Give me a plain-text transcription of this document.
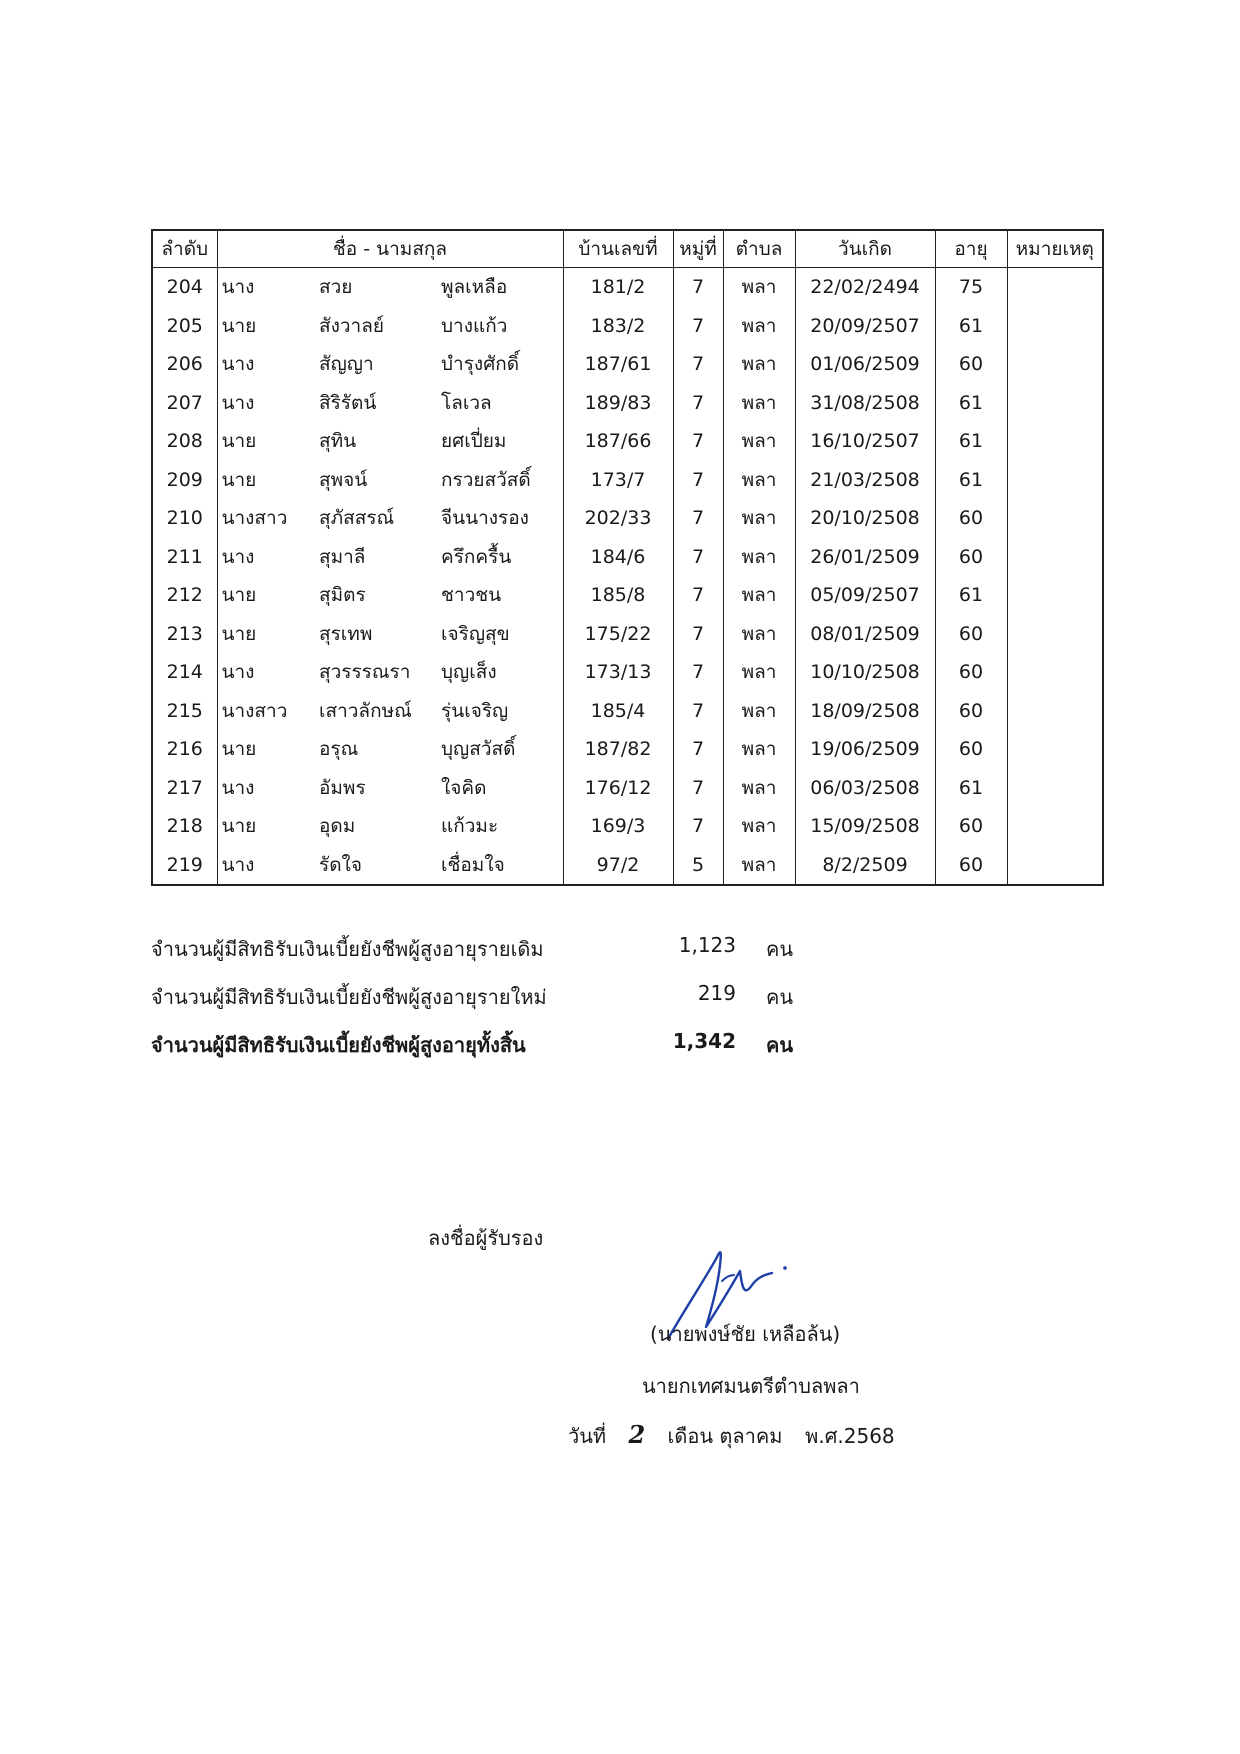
ลำดับ	ชื่อ - นามสกุล			บ้านเลขที่	หมู่ที่	ตำบล	วันเกิด	อายุ	หมายเหตุ
204	นาง	สวย	พูลเหลือ	181/2	7	พลา	22/02/2494	75	
205	นาย	สังวาลย์	บางแก้ว	183/2	7	พลา	20/09/2507	61	
206	นาง	สัญญา	บำรุงศักดิ์	187/61	7	พลา	01/06/2509	60	
207	นาง	สิริรัตน์	โลเวล	189/83	7	พลา	31/08/2508	61	
208	นาย	สุทิน	ยศเปี่ยม	187/66	7	พลา	16/10/2507	61	
209	นาย	สุพจน์	กรวยสวัสดิ์	173/7	7	พลา	21/03/2508	61	
210	นางสาว	สุภัสสรณ์	จีนนางรอง	202/33	7	พลา	20/10/2508	60	
211	นาง	สุมาลี	ครึกครื้น	184/6	7	พลา	26/01/2509	60	
212	นาย	สุมิตร	ชาวชน	185/8	7	พลา	05/09/2507	61	
213	นาย	สุรเทพ	เจริญสุข	175/22	7	พลา	08/01/2509	60	
214	นาง	สุวรรรณรา	บุญเส็ง	173/13	7	พลา	10/10/2508	60	
215	นางสาว	เสาวลักษณ์	รุ่นเจริญ	185/4	7	พลา	18/09/2508	60	
216	นาย	อรุณ	บุญสวัสดิ์	187/82	7	พลา	19/06/2509	60	
217	นาง	อัมพร	ใจคิด	176/12	7	พลา	06/03/2508	61	
218	นาย	อุดม	แก้วมะ	169/3	7	พลา	15/09/2508	60	
219	นาง	รัดใจ	เชื่อมใจ	97/2	5	พลา	8/2/2509	60	
จำนวนผู้มีสิทธิรับเงินเบี้ยยังชีพผู้สูงอายุรายเดิม	1,123 คน
จำนวนผู้มีสิทธิรับเงินเบี้ยยังชีพผู้สูงอายุรายใหม่	219 คน
จำนวนผู้มีสิทธิรับเงินเบี้ยยังชีพผู้สูงอายุทั้งสิ้น	1,342 คน
ลงชื่อผู้รับรอง
(นายพงษ์ชัย เหลือล้น)
นายกเทศมนตรีตำบลพลา
วันที่ 2 เดือน ตุลาคม พ.ศ.2568
